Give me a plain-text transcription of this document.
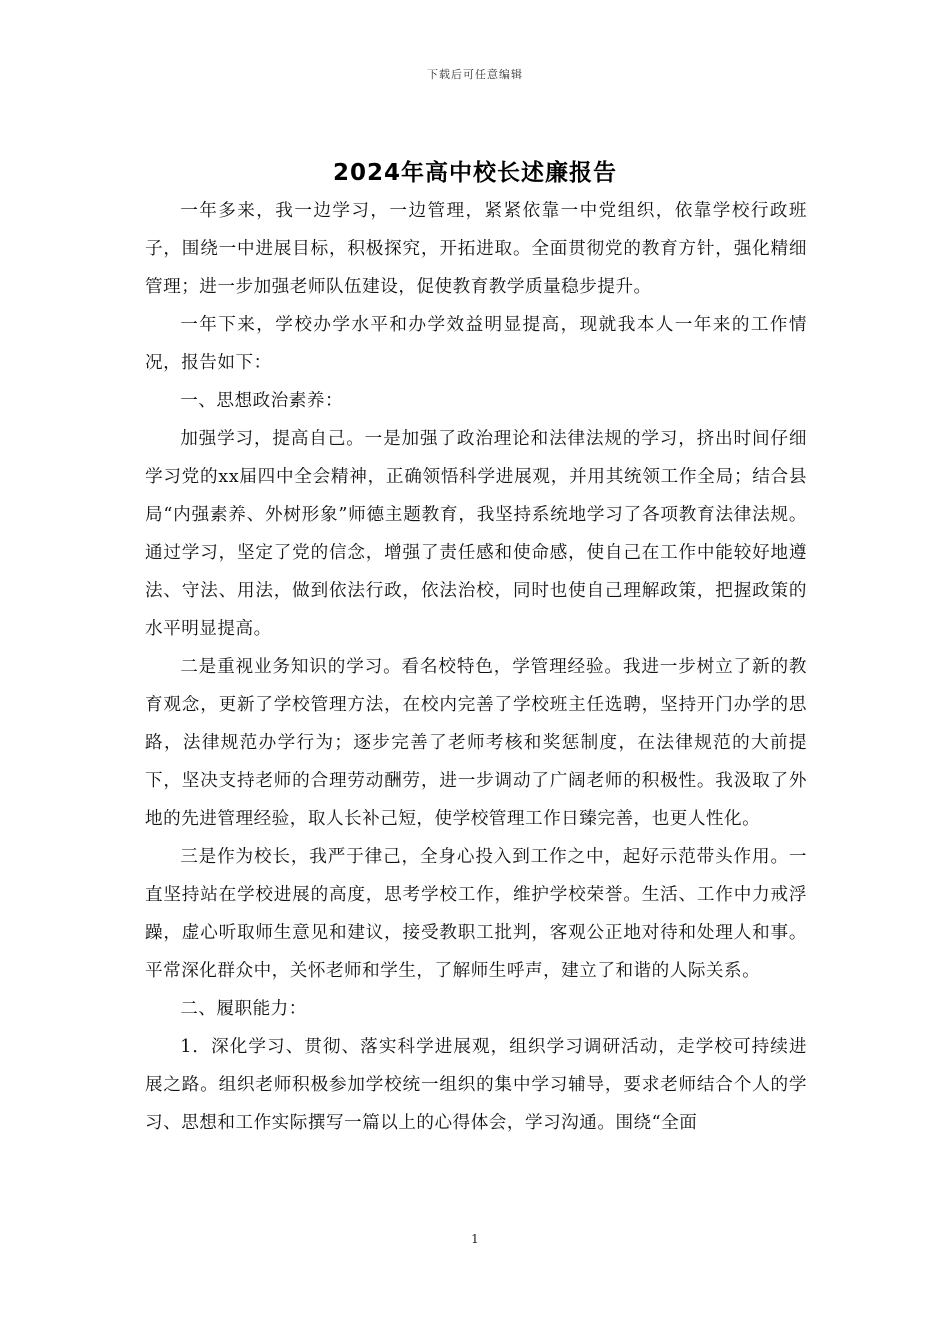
下载后可任意编辑
2024年高中校长述廉报告

一年多来，我一边学习，一边管理，紧紧依靠一中党组织，依靠学校行政班子，围绕一中进展目标，积极探究，开拓进取。全面贯彻党的教育方针，强化精细管理；进一步加强老师队伍建设，促使教育教学质量稳步提升。

一年下来，学校办学水平和办学效益明显提高，现就我本人一年来的工作情况，报告如下：

一、思想政治素养：

加强学习，提高自己。一是加强了政治理论和法律法规的学习，挤出时间仔细学习党的xx届四中全会精神，正确领悟科学进展观，并用其统领工作全局；结合县局“内强素养、外树形象”师德主题教育，我坚持系统地学习了各项教育法律法规。通过学习，坚定了党的信念，增强了责任感和使命感，使自己在工作中能较好地遵法、守法、用法，做到依法行政，依法治校，同时也使自己理解政策，把握政策的水平明显提高。

二是重视业务知识的学习。看名校特色，学管理经验。我进一步树立了新的教育观念，更新了学校管理方法，在校内完善了学校班主任选聘，坚持开门办学的思路，法律规范办学行为；逐步完善了老师考核和奖惩制度，在法律规范的大前提下，坚决支持老师的合理劳动酬劳，进一步调动了广阔老师的积极性。我汲取了外地的先进管理经验，取人长补己短，使学校管理工作日臻完善，也更人性化。

三是作为校长，我严于律己，全身心投入到工作之中，起好示范带头作用。一直坚持站在学校进展的高度，思考学校工作，维护学校荣誉。生活、工作中力戒浮躁，虚心听取师生意见和建议，接受教职工批判，客观公正地对待和处理人和事。平常深化群众中，关怀老师和学生，了解师生呼声，建立了和谐的人际关系。

二、履职能力：

1．深化学习、贯彻、落实科学进展观，组织学习调研活动，走学校可持续进展之路。组织老师积极参加学校统一组织的集中学习辅导，要求老师结合个人的学习、思想和工作实际撰写一篇以上的心得体会，学习沟通。围绕“全面

1
